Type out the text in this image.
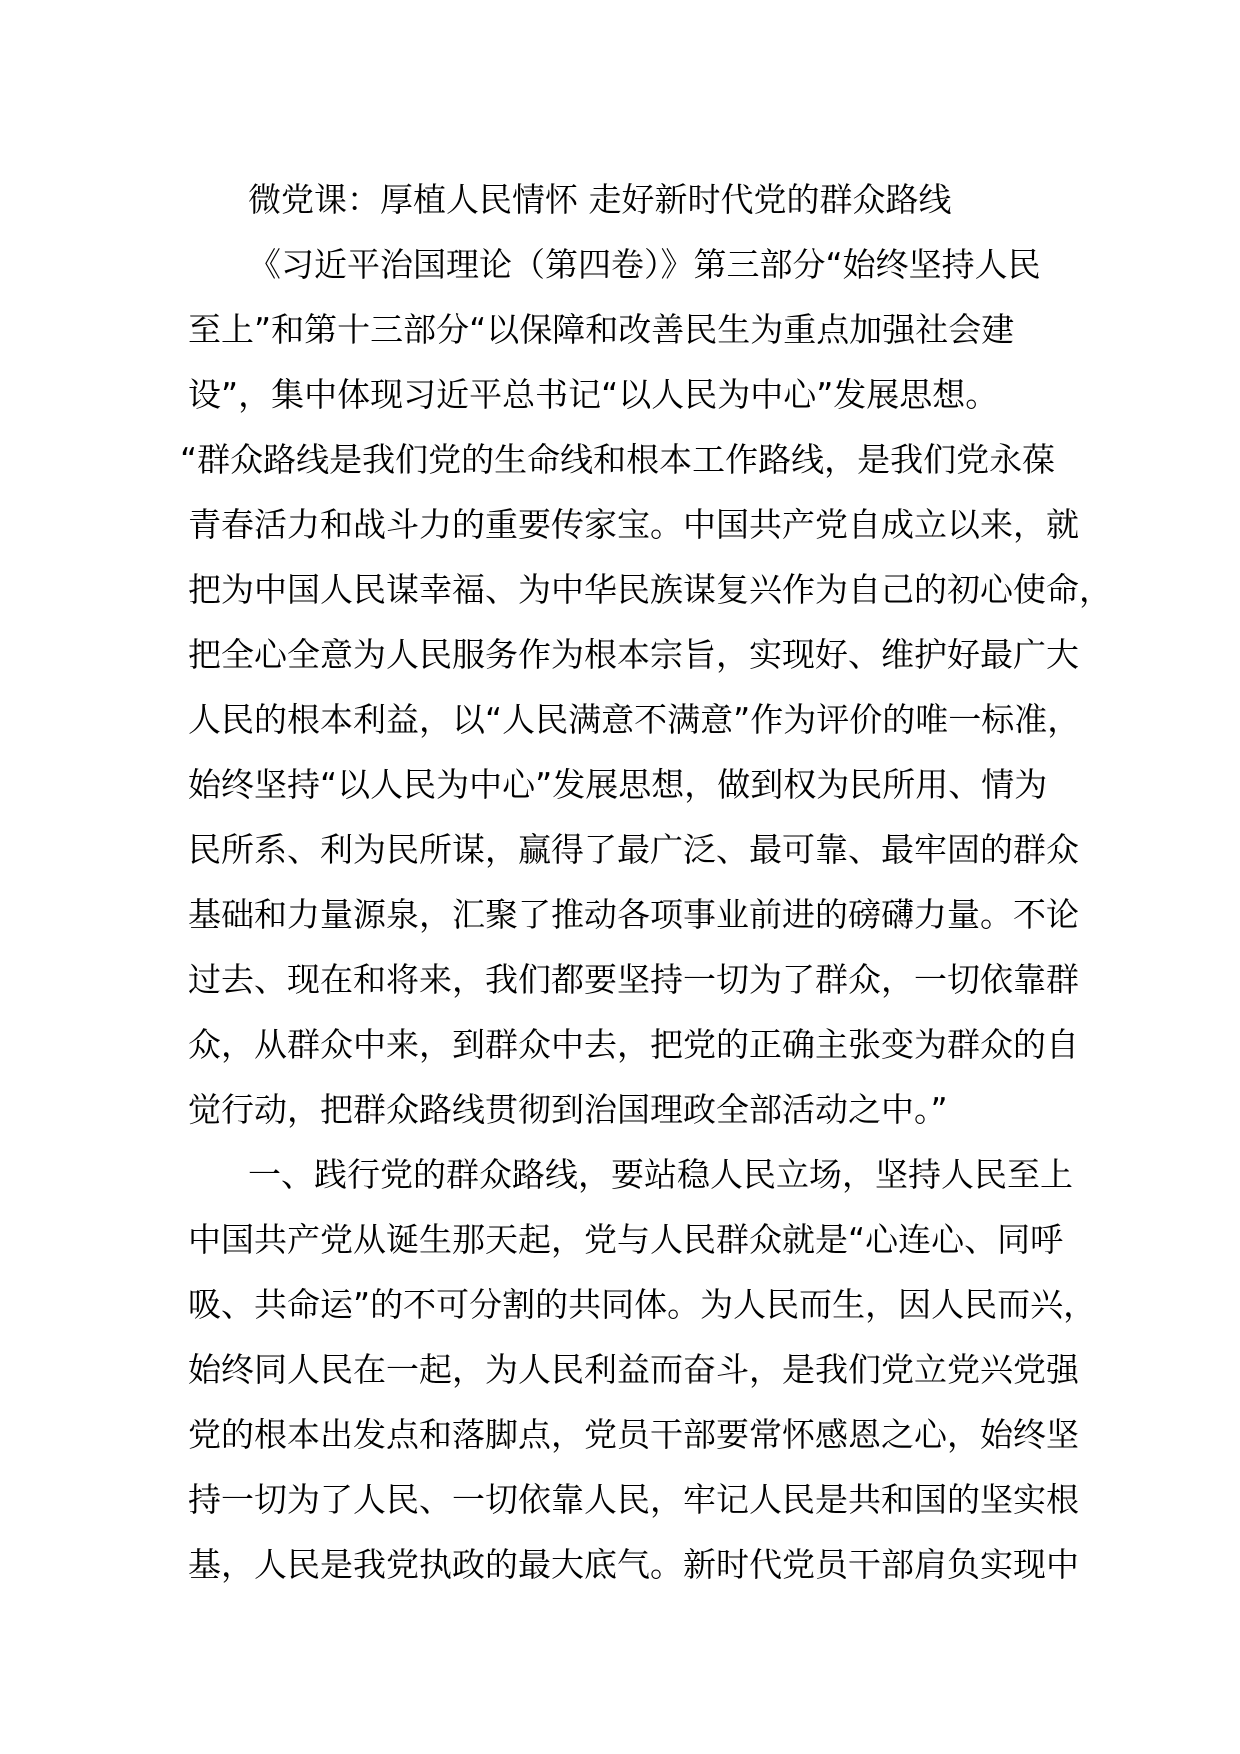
微党课：厚植人民情怀 走好新时代党的群众路线
《习近平治国理论（第四卷）》第三部分“始终坚持人民
至上”和第十三部分“以保障和改善民生为重点加强社会建
设”，集中体现习近平总书记“以人民为中心”发展思想。
“群众路线是我们党的生命线和根本工作路线，是我们党永葆
青春活力和战斗力的重要传家宝。中国共产党自成立以来，就
把为中国人民谋幸福、为中华民族谋复兴作为自己的初心使命，
把全心全意为人民服务作为根本宗旨，实现好、维护好最广大
人民的根本利益，以“人民满意不满意”作为评价的唯一标准，
始终坚持“以人民为中心”发展思想，做到权为民所用、情为
民所系、利为民所谋，赢得了最广泛、最可靠、最牢固的群众
基础和力量源泉，汇聚了推动各项事业前进的磅礴力量。不论
过去、现在和将来，我们都要坚持一切为了群众，一切依靠群
众，从群众中来，到群众中去，把党的正确主张变为群众的自
觉行动，把群众路线贯彻到治国理政全部活动之中。”
一、践行党的群众路线，要站稳人民立场，坚持人民至上
中国共产党从诞生那天起，党与人民群众就是“心连心、同呼
吸、共命运”的不可分割的共同体。为人民而生，因人民而兴，
始终同人民在一起，为人民利益而奋斗，是我们党立党兴党强
党的根本出发点和落脚点，党员干部要常怀感恩之心，始终坚
持一切为了人民、一切依靠人民，牢记人民是共和国的坚实根
基，人民是我党执政的最大底气。新时代党员干部肩负实现中
